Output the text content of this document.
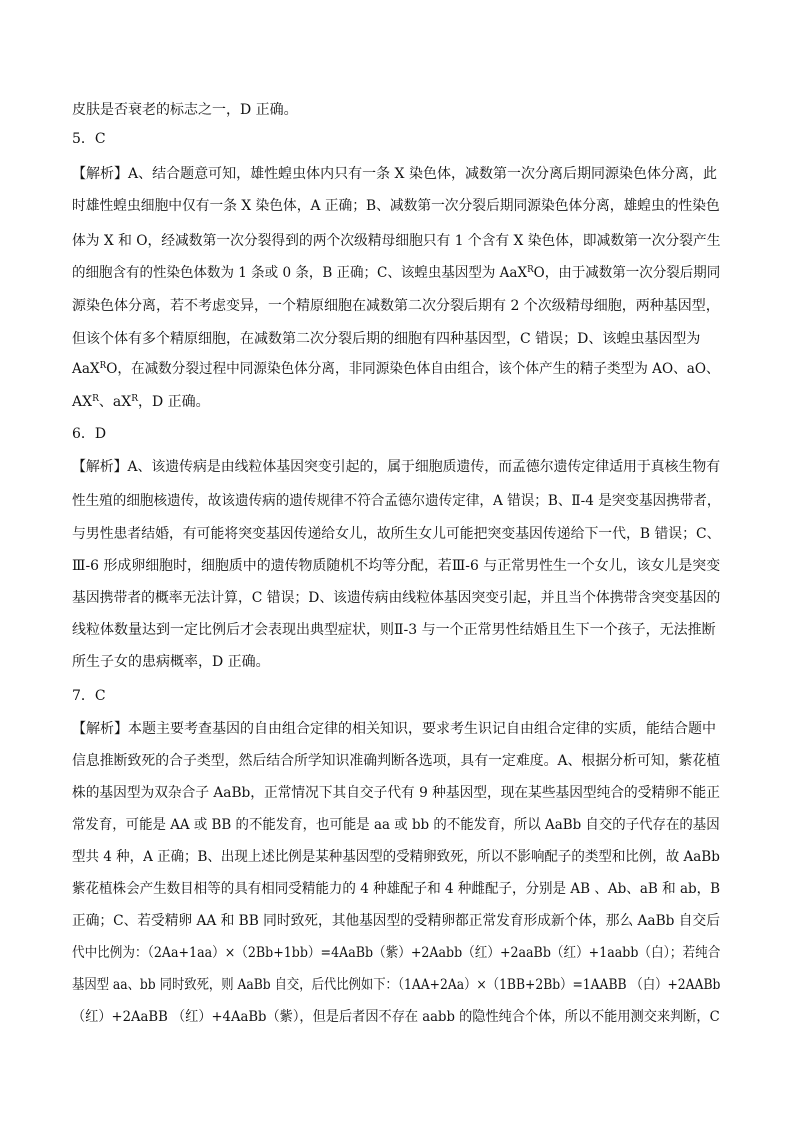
皮肤是否衰老的标志之一，D 正确。
5．C
【解析】A、结合题意可知，雄性蝗虫体内只有一条 X 染色体，减数第一次分离后期同源染色体分离，此
时雄性蝗虫细胞中仅有一条 X 染色体，A 正确；B、减数第一次分裂后期同源染色体分离，雄蝗虫的性染色
体为 X 和 O，经减数第一次分裂得到的两个次级精母细胞只有 1 个含有 X 染色体，即减数第一次分裂产生
的细胞含有的性染色体数为 1 条或 0 条，B 正确；C、该蝗虫基因型为 AaX$^R$O，由于减数第一次分裂后期同
源染色体分离，若不考虑变异，一个精原细胞在减数第二次分裂后期有 2 个次级精母细胞，两种基因型，
但该个体有多个精原细胞，在减数第二次分裂后期的细胞有四种基因型，C 错误；D、该蝗虫基因型为
AaX$^R$O，在减数分裂过程中同源染色体分离，非同源染色体自由组合，该个体产生的精子类型为 AO、aO、
$AX^R$、$aX^R$，D 正确。
6．D
【解析】A、该遗传病是由线粒体基因突变引起的，属于细胞质遗传，而孟德尔遗传定律适用于真核生物有
性生殖的细胞核遗传，故该遗传病的遗传规律不符合孟德尔遗传定律，A 错误；B、Ⅱ-4 是突变基因携带者，
与男性患者结婚，有可能将突变基因传递给女儿，故所生女儿可能把突变基因传递给下一代，B 错误；C、
Ⅲ-6 形成卵细胞时，细胞质中的遗传物质随机不均等分配，若Ⅲ-6 与正常男性生一个女儿，该女儿是突变
基因携带者的概率无法计算，C 错误；D、该遗传病由线粒体基因突变引起，并且当个体携带含突变基因的
线粒体数量达到一定比例后才会表现出典型症状，则Ⅱ-3 与一个正常男性结婚且生下一个孩子，无法推断
所生子女的患病概率，D 正确。
7．C
【解析】本题主要考查基因的自由组合定律的相关知识，要求考生识记自由组合定律的实质，能结合题中
信息推断致死的合子类型，然后结合所学知识准确判断各选项，具有一定难度。A、根据分析可知，紫花植
株的基因型为双杂合子 AaBb，正常情况下其自交子代有 9 种基因型，现在某些基因型纯合的受精卵不能正
常发育，可能是 AA 或 BB 的不能发育，也可能是 aa 或 bb 的不能发育，所以 AaBb 自交的子代存在的基因
型共 4 种，A 正确；B、出现上述比例是某种基因型的受精卵致死，所以不影响配子的类型和比例，故 AaBb
紫花植株会产生数目相等的具有相同受精能力的 4 种雄配子和 4 种雌配子，分别是 AB 、Ab、aB 和 ab，B
正确；C、若受精卵 AA 和 BB 同时致死，其他基因型的受精卵都正常发育形成新个体，那么 AaBb 自交后
代中比例为：（2Aa+1aa）×（2Bb+1bb）=4AaBb（紫）+2Aabb（红）+2aaBb（红）+1aabb（白）；若纯合
基因型 aa、bb 同时致死，则 AaBb 自交，后代比例如下：（1AA+2Aa）×（1BB+2Bb）=1AABB （白）+2AABb
（红）+2AaBB （红）+4AaBb（紫），但是后者因不存在 aabb 的隐性纯合个体，所以不能用测交来判断，C
